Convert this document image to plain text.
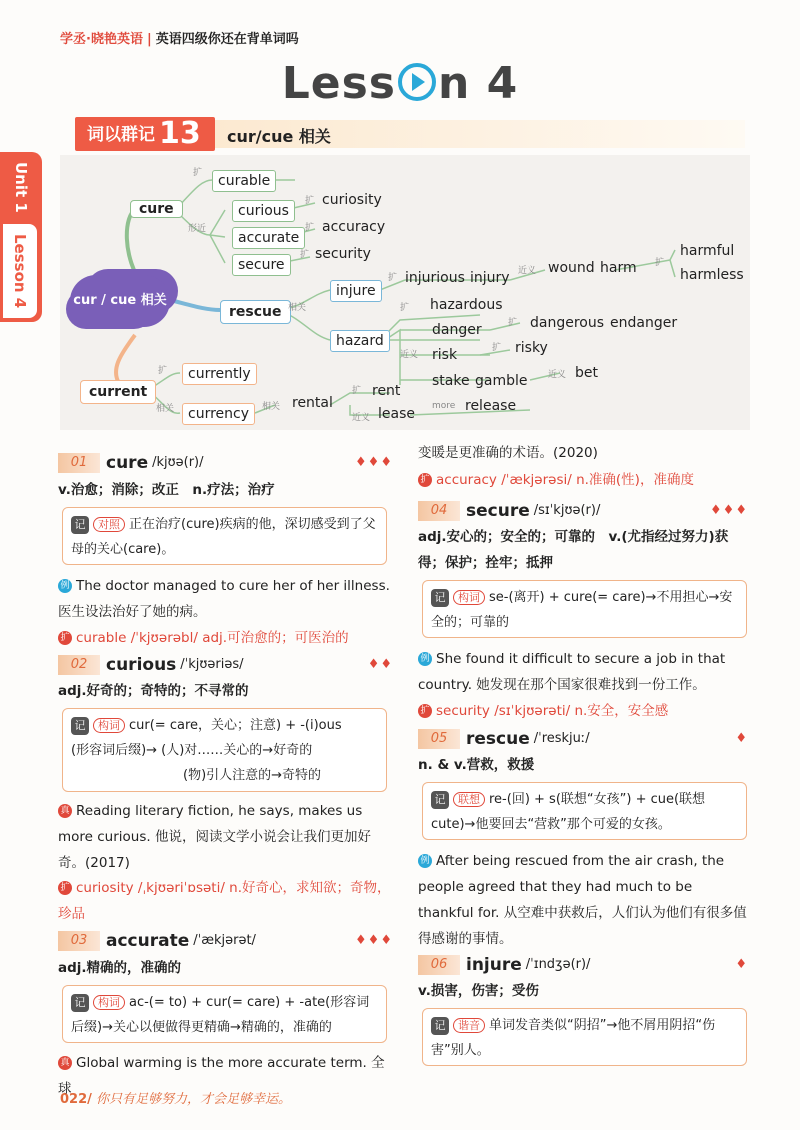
学丞·晓艳英语 | 英语四级你还在背单词吗
Less n 4
词以群记 13	cur/cue 相关
Unit 1
Lesson 4	cur / cue 相关
cure
扩	curable
形近
curious
扩 curiosity
accurate
扩 accuracy
secure
扩 security
rescue 相关
injure
扩 injurious injury 近义 wound harm 扩
harmful
harmless
hazard
扩 hazardous
近义
danger	扩 dangerous endanger
risk	扩 risky
stake gamble 近义 bet
current
扩	currently
相关 currency	相关 rental
扩 rent
近义 lease more release
01 cure /kjʊə(r)/	♦♦♦
v.治愈；消除；改正　n.疗法；治疗
记 对照 正在治疗(cure)疾病的他，深切感受到了父母的关心(care)。
例 The doctor managed to cure her of her illness. 医生设法治好了她的病。
扩 curable /ˈkjʊərəbl/ adj.可治愈的；可医治的
02 curious /ˈkjʊəriəs/	♦♦
adj.好奇的；奇特的；不寻常的
记 构词 cur(= care，关心；注意) + -(i)ous
(形容词后缀)→ (人)对……关心的→好奇的
(物)引人注意的→奇特的
真 Reading literary fiction, he says, makes us more curious. 他说，阅读文学小说会让我们更加好奇。(2017)
扩 curiosity /ˌkjʊəriˈɒsəti/ n.好奇心，求知欲；奇物，珍品
03 accurate /ˈækjərət/	♦♦♦
adj.精确的，准确的
记 构词 ac-(= to) + cur(= care) + -ate(形容词后缀)→关心以便做得更精确→精确的，准确的
真 Global warming is the more accurate term. 全球
变暖是更准确的术语。(2020)
扩 accuracy /ˈækjərəsi/ n.准确(性)，准确度
04 secure /sɪˈkjʊə(r)/	♦♦♦
adj.安心的；安全的；可靠的　v.(尤指经过努力)获得；保护；拴牢；抵押
记 构词 se-(离开) + cure(= care)→不用担心→安全的；可靠的
例 She found it difficult to secure a job in that country. 她发现在那个国家很难找到一份工作。
扩 security /sɪˈkjʊərəti/ n.安全，安全感
05 rescue /ˈreskjuː/	♦
n. & v.营救，救援
记 联想 re-(回) + s(联想“女孩”) + cue(联想cute)→他要回去“营救”那个可爱的女孩。
例 After being rescued from the air crash, the people agreed that they had much to be thankful for. 从空难中获救后，人们认为他们有很多值得感谢的事情。
06 injure /ˈɪndʒə(r)/	♦
v.损害，伤害；受伤
记 谐音 单词发音类似“阴招”→他不屑用阴招“伤害”别人。
022/ 你只有足够努力，才会足够幸运。
